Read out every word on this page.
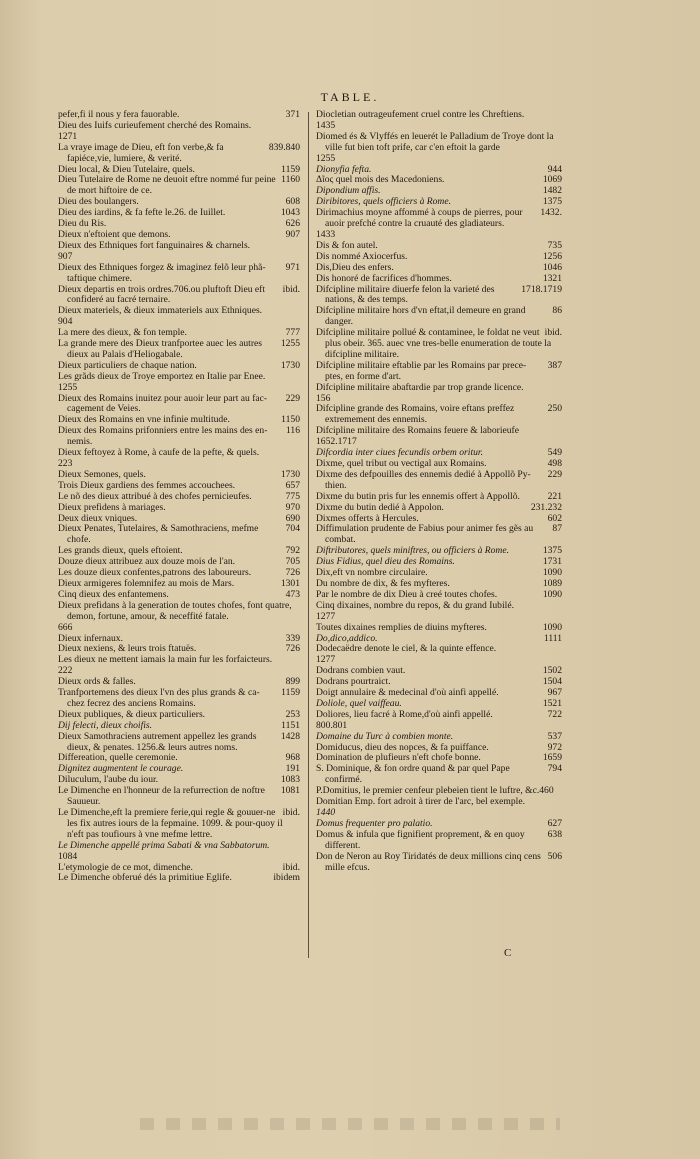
TABLE.

371
pefer,fi il nous y fera fauorable.

Dieu des Iuifs curieufement cherché des Romains.

1271

839.840
La vraye image de Dieu, eft fon verbe,& fa fapiéce,vie, lumiere, & verité.

1159
Dieu local, & Dieu Tutelaire, quels.

1160
Dieu Tutelaire de Rome ne deuoit eftre nommé fur peine de mort hiftoire de ce.

608
Dieu des boulangers.

1043
Dieu des iardins, & fa fefte le.26. de Iuillet.

626
Dieu du Ris.

907
Dieux n'eftoient que demons.

Dieux des Ethniques fort fanguinaires & charnels.

907

971
Dieux des Ethniques forgez & imaginez felõ leur phã-taftique chimere.

ibid.
Dieux departis en trois ordres.706.ou pluftoft Dieu eft confideré au facré ternaire.

Dieux materiels, & dieux immateriels aux Ethniques.

904

777
La mere des dieux, & fon temple.

1255
La grande mere des Dieux tranfportee auec les autres dieux au Palais d'Heliogabale.

1730
Dieux particuliers de chaque nation.

Les grãds dieux de Troye emportez en Italie par Enee.

1255

229
Dieux des Romains inuitez pour auoir leur part au fac-cagement de Veies.

1150
Dieux des Romains en vne infinie multitude.

116
Dieux des Romains prifonniers entre les mains des en-nemis.

Dieux feftoyez à Rome, à caufe de la pefte, & quels.

223

1730
Dieux Semones, quels.

657
Trois Dieux gardiens des femmes accouchees.

775
Le nõ des dieux attribué à des chofes pernicieufes.

970
Dieux prefidens à mariages.

690
Deux dieux vniques.

704
Dieux Penates, Tutelaires, & Samothraciens, mefme chofe.

792
Les grands dieux, quels eftoient.

705
Douze dieux attribuez aux douze mois de l'an.

726
Les douze dieux confentes,patrons des laboureurs.

1301
Dieux armigeres folemnifez au mois de Mars.

473
Cinq dieux des enfantemens.

Dieux prefidans à la generation de toutes chofes, font quatre, demon, fortune, amour, & neceffité fatale.

666

339
Dieux infernaux.

726
Dieux nexiens, & leurs trois ftatuës.

Les dieux ne mettent iamais la main fur les forfaicteurs.

222

899
Dieux ords & falles.

1159
Tranfportemens des dieux l'vn des plus grands & ca-chez fecrez des anciens Romains.

253
Dieux publiques, & dieux particuliers.

1151
Dij felecti, dieux choifis.

1428
Dieux Samothraciens autrement appellez les grands dieux, & penates. 1256.& leurs autres noms.

968
Differeation, quelle ceremonie.

191
Dignitez augmentent le courage.

1083
Diluculum, l'aube du iour.

1081
Le Dimenche en l'honneur de la refurrection de noftre Sauueur.

ibid.
Le Dimenche,eft la premiere ferie,qui regle & gouuer-ne les fix autres iours de la fepmaine. 1099. & pour-quoy il n'eft pas toufiours à vne mefme lettre.

Le Dimenche appellé prima Sabati & vna Sabbatorum.

1084

ibid.
L'etymologie de ce mot, dimenche.

ibidem
Le Dimenche obferué dés la primitiue Eglife.

Diocletian outrageufement cruel contre les Chreftiens.

1435

Diomed és & Vlyffés en leuerét le Palladium de Troye dont la ville fut bien toft prife, car c'en eftoit la garde

1255

944
Dionyfia fefta.

1069
Δῖος quel mois des Macedoniens.

1482
Dipondium affis.

1375
Diribitores, quels officiers à Rome.

1432.
Dirimachius moyne affommé à coups de pierres, pour auoir prefché contre la cruauté des gladiateurs.

1433

735
Dis & fon autel.

1256
Dis nommé Axiocerfus.

1046
Dis,Dieu des enfers.

1321
Dis honoré de facrifices d'hommes.

1718.1719
Difcipline militaire diuerfe felon la varieté des nations, & des temps.

86
Difcipline militaire hors d'vn eftat,il demeure en grand danger.

ibid.
Difcipline militaire pollué & contaminee, le foldat ne veut plus obeir. 365. auec vne tres-belle enumeration de toute la difcipline militaire.

387
Difcipline militaire eftablie par les Romains par prece-ptes, en forme d'art.

Difcipline militaire abaftardie par trop grande licence.

156

250
Difcipline grande des Romains, voire eftans preffez extremement des ennemis.

Difcipline militaire des Romains feuere & laborieufe

1652.1717

549
Difcordia inter ciues fecundis orbem oritur.

498
Dixme, quel tribut ou vectigal aux Romains.

229
Dixme des defpouilles des ennemis dedié à Appollõ Py-thien.

221
Dixme du butin pris fur les ennemis offert à Appollõ.

231.232
Dixme du butin dedié à Appolon.

602
Dixmes offerts à Hercules.

87
Diffimulation prudente de Fabius pour animer fes gẽs au combat.

1375
Diftributores, quels miniftres, ou officiers à Rome.

1731
Dius Fidius, quel dieu des Romains.

1090
Dix,eft vn nombre circulaire.

1089
Du nombre de dix, & fes myfteres.

1090
Par le nombre de dix Dieu à creé toutes chofes.

Cinq dixaines, nombre du repos, & du grand Iubilé.

1277

1090
Toutes dixaines remplies de diuins myfteres.

1111
Do,dico,addico.

Dodecaëdre denote le ciel, & la quinte effence.

1277

1502
Dodrans combien vaut.

1504
Dodrans pourtraict.

967
Doigt annulaire & medecinal d'où ainfi appellé.

1521
Doliole, quel vaiffeau.

722
Doliores, lieu facré à Rome,d'où ainfi appellé.

800.801

537
Domaine du Turc à combien monte.

972
Domiducus, dieu des nopces, & fa puiffance.

1659
Domination de plufieurs n'eft chofe bonne.

794
S. Dominique, & fon ordre quand & par quel Pape confirmé.

P.Domitius, le premier cenfeur plebeien tient le luftre, &c.460

Domitian Emp. fort adroit à tirer de l'arc, bel exemple.

1440

627
Domus frequenter pro palatio.

638
Domus & infula que fignifient proprement, & en quoy different.

506
Don de Neron au Roy Tiridatés de deux millions cinq cens mille efcus.

C
